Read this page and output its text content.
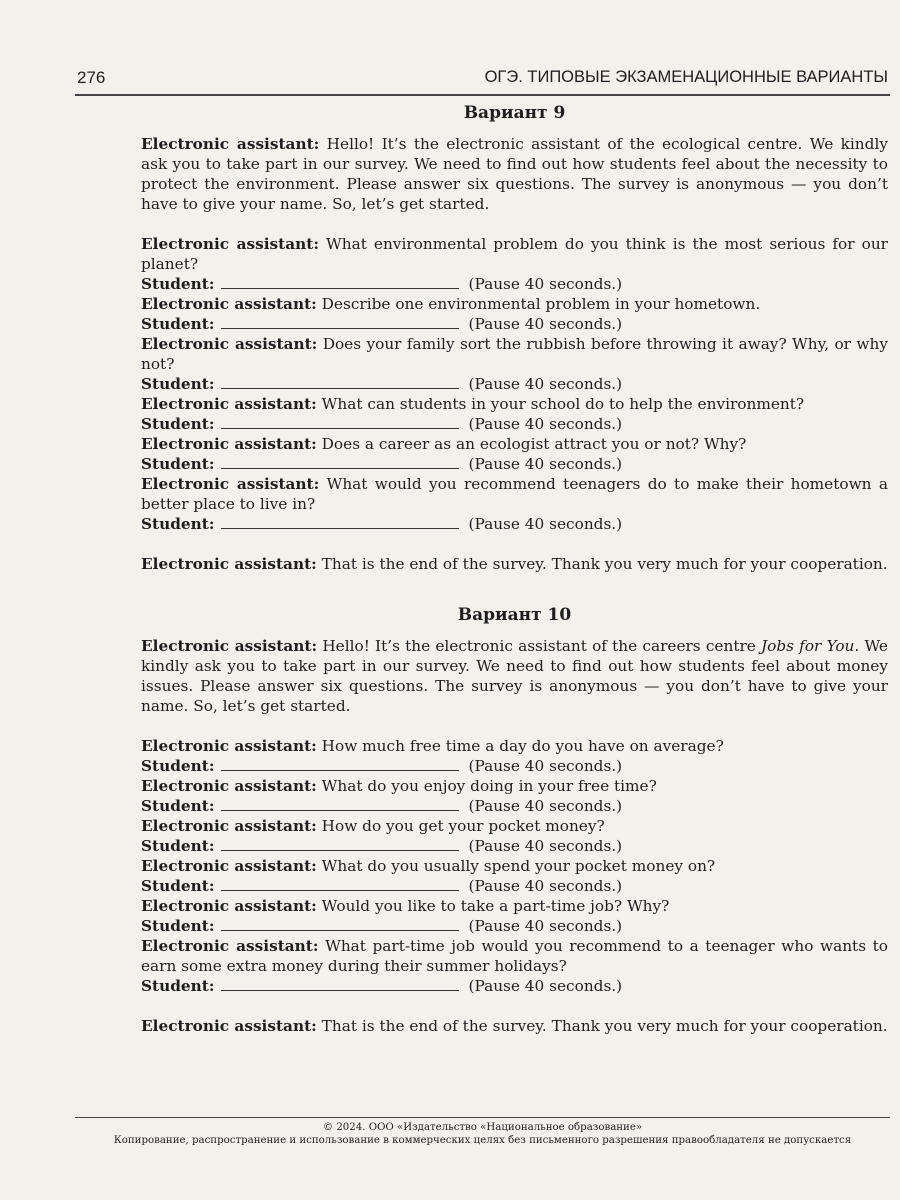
276	ОГЭ. ТИПОВЫЕ ЭКЗАМЕНАЦИОННЫЕ ВАРИАНТЫ
Вариант 9

Electronic assistant: Hello! It’s the electronic assistant of the ecological centre. We kindly ask you to take part in our survey. We need to find out how students feel about the necessity to protect the environment. Please answer six questions. The survey is anonymous — you don’t have to give your name. So, let’s get started.

Electronic assistant: What environmental problem do you think is the most serious for our planet?

Student:	(Pause 40 seconds.)

Electronic assistant: Describe one environmental problem in your hometown.

Student:	(Pause 40 seconds.)

Electronic assistant: Does your family sort the rubbish before throwing it away? Why, or why not?

Student:	(Pause 40 seconds.)

Electronic assistant: What can students in your school do to help the environment?

Student:	(Pause 40 seconds.)

Electronic assistant: Does a career as an ecologist attract you or not? Why?

Student:	(Pause 40 seconds.)

Electronic assistant: What would you recommend teenagers do to make their hometown a better place to live in?

Student:	(Pause 40 seconds.)

Electronic assistant: That is the end of the survey. Thank you very much for your cooperation.

Вариант 10

Electronic assistant: Hello! It’s the electronic assistant of the careers centre Jobs for You. We kindly ask you to take part in our survey. We need to find out how students feel about money issues. Please answer six questions. The survey is anonymous — you don’t have to give your name. So, let’s get started.

Electronic assistant: How much free time a day do you have on average?

Student:	(Pause 40 seconds.)

Electronic assistant: What do you enjoy doing in your free time?

Student:	(Pause 40 seconds.)

Electronic assistant: How do you get your pocket money?

Student:	(Pause 40 seconds.)

Electronic assistant: What do you usually spend your pocket money on?

Student:	(Pause 40 seconds.)

Electronic assistant: Would you like to take a part-time job? Why?

Student:	(Pause 40 seconds.)

Electronic assistant: What part-time job would you recommend to a teenager who wants to earn some extra money during their summer holidays?

Student:	(Pause 40 seconds.)

Electronic assistant: That is the end of the survey. Thank you very much for your cooperation.

© 2024. ООО «Издательство «Национальное образование»
Копирование, распространение и использование в коммерческих целях без письменного разрешения правообладателя не допускается
